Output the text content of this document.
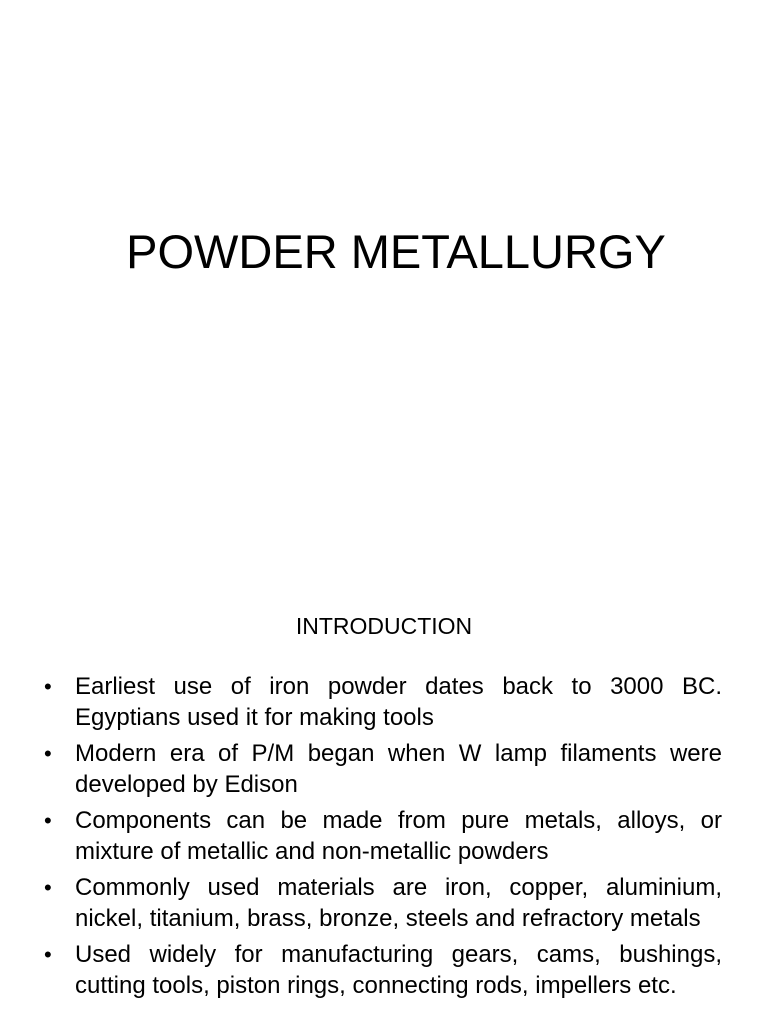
POWDER METALLURGY
INTRODUCTION
• Earliest use of iron powder dates back to 3000 BC. Egyptians used it for making tools
• Modern era of P/M began when W lamp filaments were developed by Edison
• Components can be made from pure metals, alloys, or mixture of metallic and non-metallic powders
• Commonly used materials are iron, copper, aluminium, nickel, titanium, brass, bronze, steels and refractory metals
• Used widely for manufacturing gears, cams, bushings, cutting tools, piston rings, connecting rods, impellers etc.
